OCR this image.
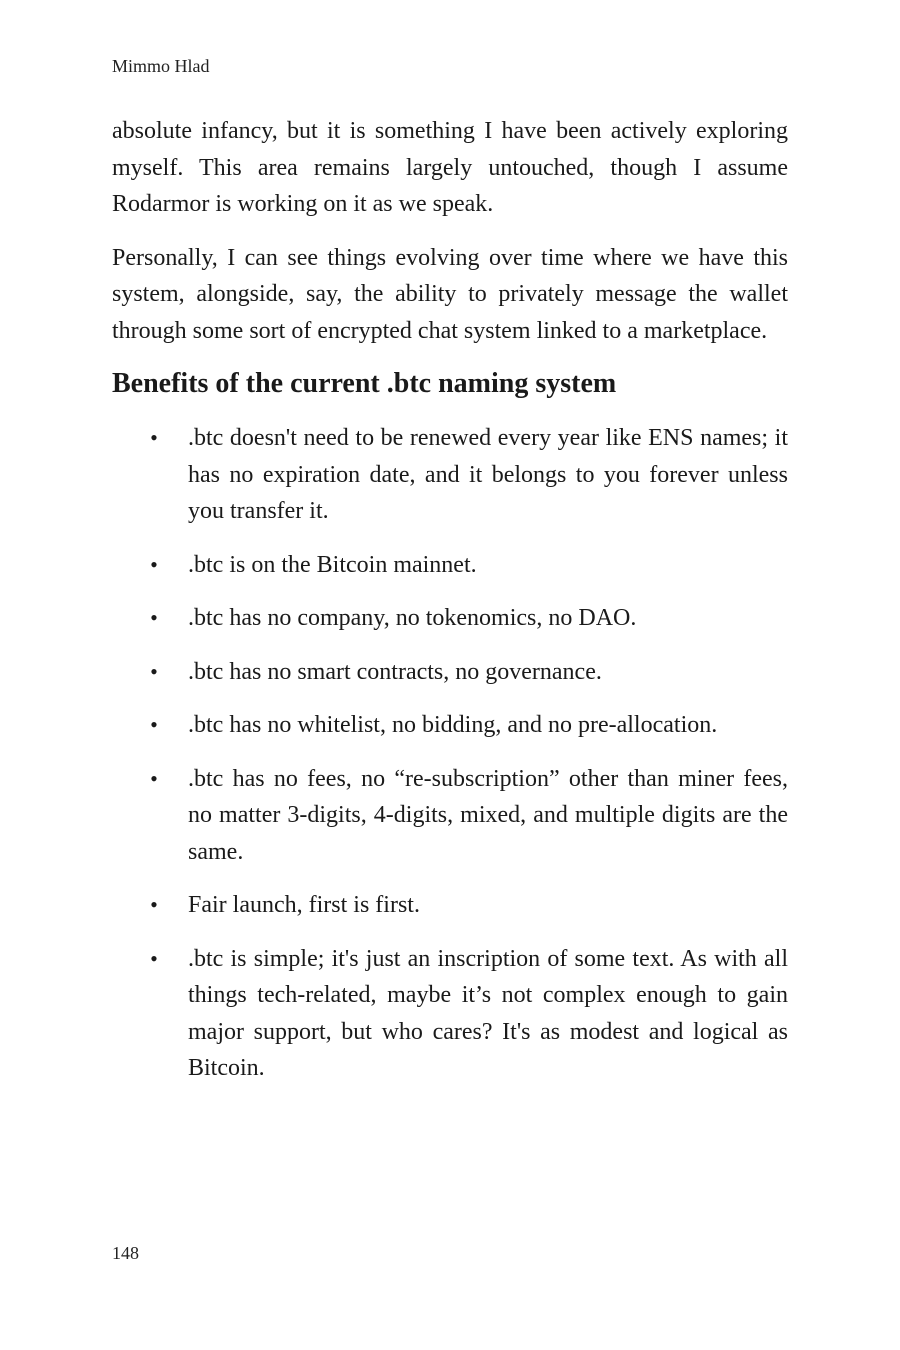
Mimmo Hlad

absolute infancy, but it is something I have been actively exploring myself. This area remains largely untouched, though I assume Rodarmor is working on it as we speak.

Personally, I can see things evolving over time where we have this system, alongside, say, the ability to privately message the wallet through some sort of encrypted chat system linked to a marketplace.

Benefits of the current .btc naming system
• .btc doesn't need to be renewed every year like ENS names; it has no expiration date, and it belongs to you forever unless you transfer it.
• .btc is on the Bitcoin mainnet.
• .btc has no company, no tokenomics, no DAO.
• .btc has no smart contracts, no governance.
• .btc has no whitelist, no bidding, and no pre-allocation.
• .btc has no fees, no “re-subscription” other than miner fees, no matter 3-digits, 4-digits, mixed, and multiple digits are the same.
• Fair launch, first is first.
• .btc is simple; it's just an inscription of some text. As with all things tech-related, maybe it’s not complex enough to gain major support, but who cares? It's as modest and logical as Bitcoin.
148
